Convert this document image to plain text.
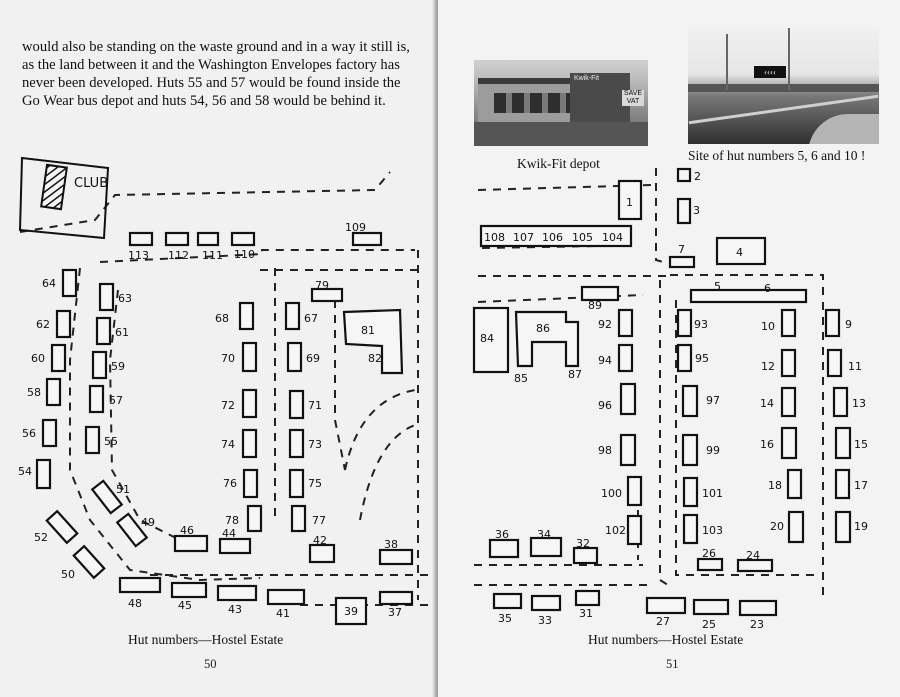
would also be standing on the waste ground and in a way it still is,
as the land between it and the Washington Envelopes factory has
never been developed. Huts 55 and 57 would be found inside the
Go Wear bus depot and huts 54, 56 and 58 would be behind it.

CLUB
113 112 111 110
109
64
63
62
61
60
59
58
57
56
55
54
51
52
49
50
48	45	43	41
46	44
42	38
39	37
68	67
79
81
82
70	69
72	71
74	73
76	75
78	77
Hut numbers—Hostel Estate
50
Kwik-Fit
SAVE VAT
Kwik-Fit depot
‹‹‹‹
Site of hut numbers 5, 6 and 10 !
108 107 106 105 104
1
2
3
7	4
5	6
89
84
86
85	87
92	93
94	95
96	97
98	99
100	101
102	103
10	9
12	11
14	13
16	15
18	17
20	19
36	34
32
26	24
35 33
31
27	25	23
Hut numbers—Hostel Estate
51
